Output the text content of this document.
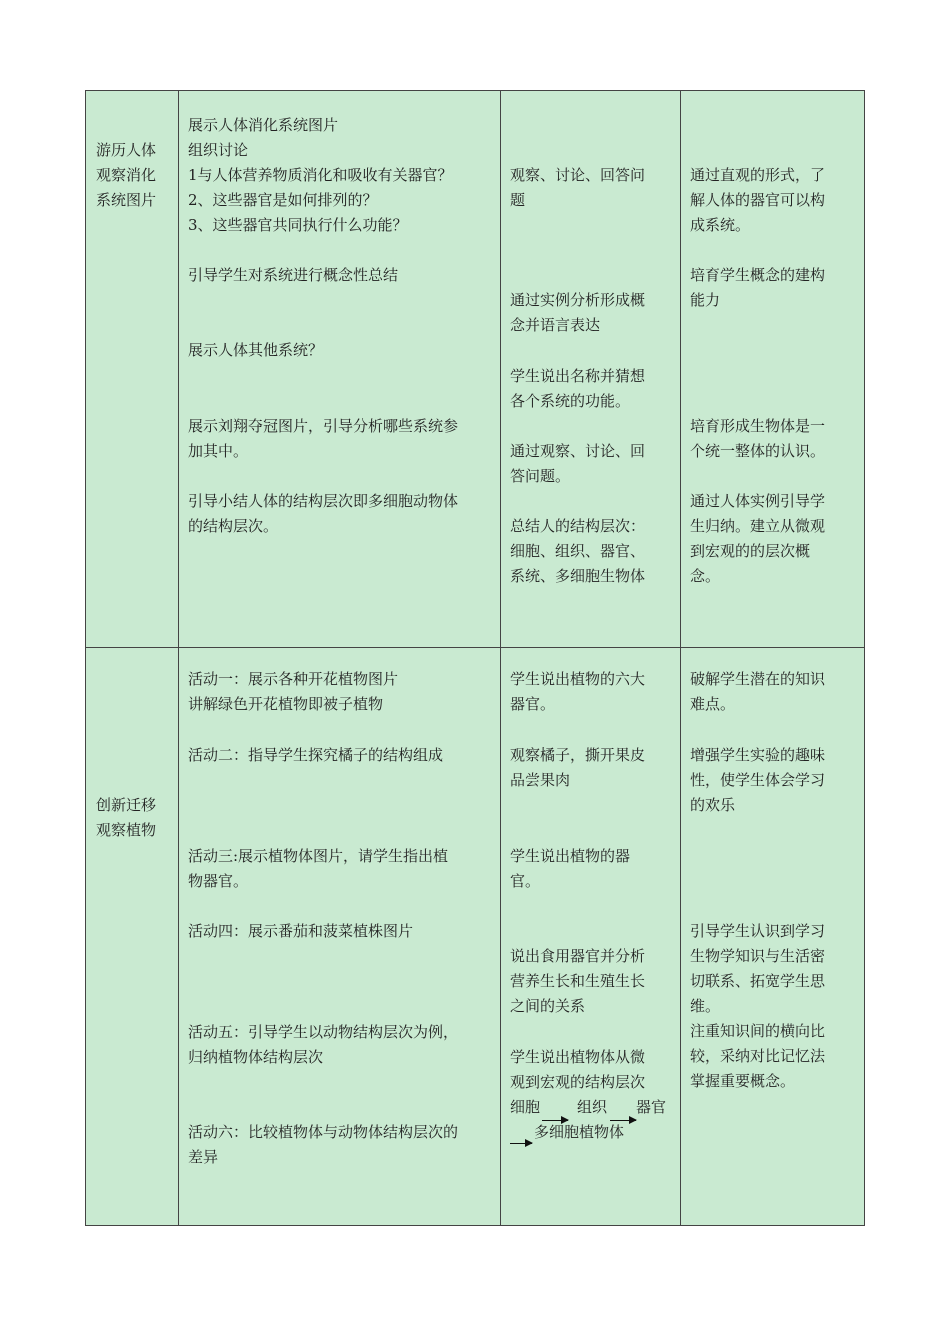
游历人体
观察消化
系统图片
展示人体消化系统图片
组织讨论
1与人体营养物质消化和吸收有关器官？
2、这些器官是如何排列的？
3、这些器官共同执行什么功能？
引导学生对系统进行概念性总结
展示人体其他系统？
展示刘翔夺冠图片，引导分析哪些系统参
加其中。
引导小结人体的结构层次即多细胞动物体
的结构层次。
观察、讨论、回答问
题
通过实例分析形成概
念并语言表达
学生说出名称并猜想
各个系统的功能。
通过观察、讨论、回
答问题。
总结人的结构层次：
细胞、组织、器官、
系统、多细胞生物体
通过直观的形式，了
解人体的器官可以构
成系统。
培育学生概念的建构
能力
培育形成生物体是一
个统一整体的认识。
通过人体实例引导学
生归纳。建立从微观
到宏观的的层次概
念。
创新迁移
观察植物
活动一：展示各种开花植物图片
讲解绿色开花植物即被子植物
活动二：指导学生探究橘子的结构组成
活动三:展示植物体图片，请学生指出植
物器官。
活动四：展示番茄和菠菜植株图片
活动五：引导学生以动物结构层次为例，
归纳植物体结构层次
活动六：比较植物体与动物体结构层次的
差异
学生说出植物的六大
器官。
观察橘子，撕开果皮
品尝果肉
学生说出植物的器
官。
说出食用器官并分析
营养生长和生殖生长
之间的关系
学生说出植物体从微
观到宏观的结构层次
细胞 组织 器官
多细胞植物体
破解学生潜在的知识
难点。
增强学生实验的趣味
性，使学生体会学习
的欢乐
引导学生认识到学习
生物学知识与生活密
切联系、拓宽学生思
维。
注重知识间的横向比
较，采纳对比记忆法
掌握重要概念。
